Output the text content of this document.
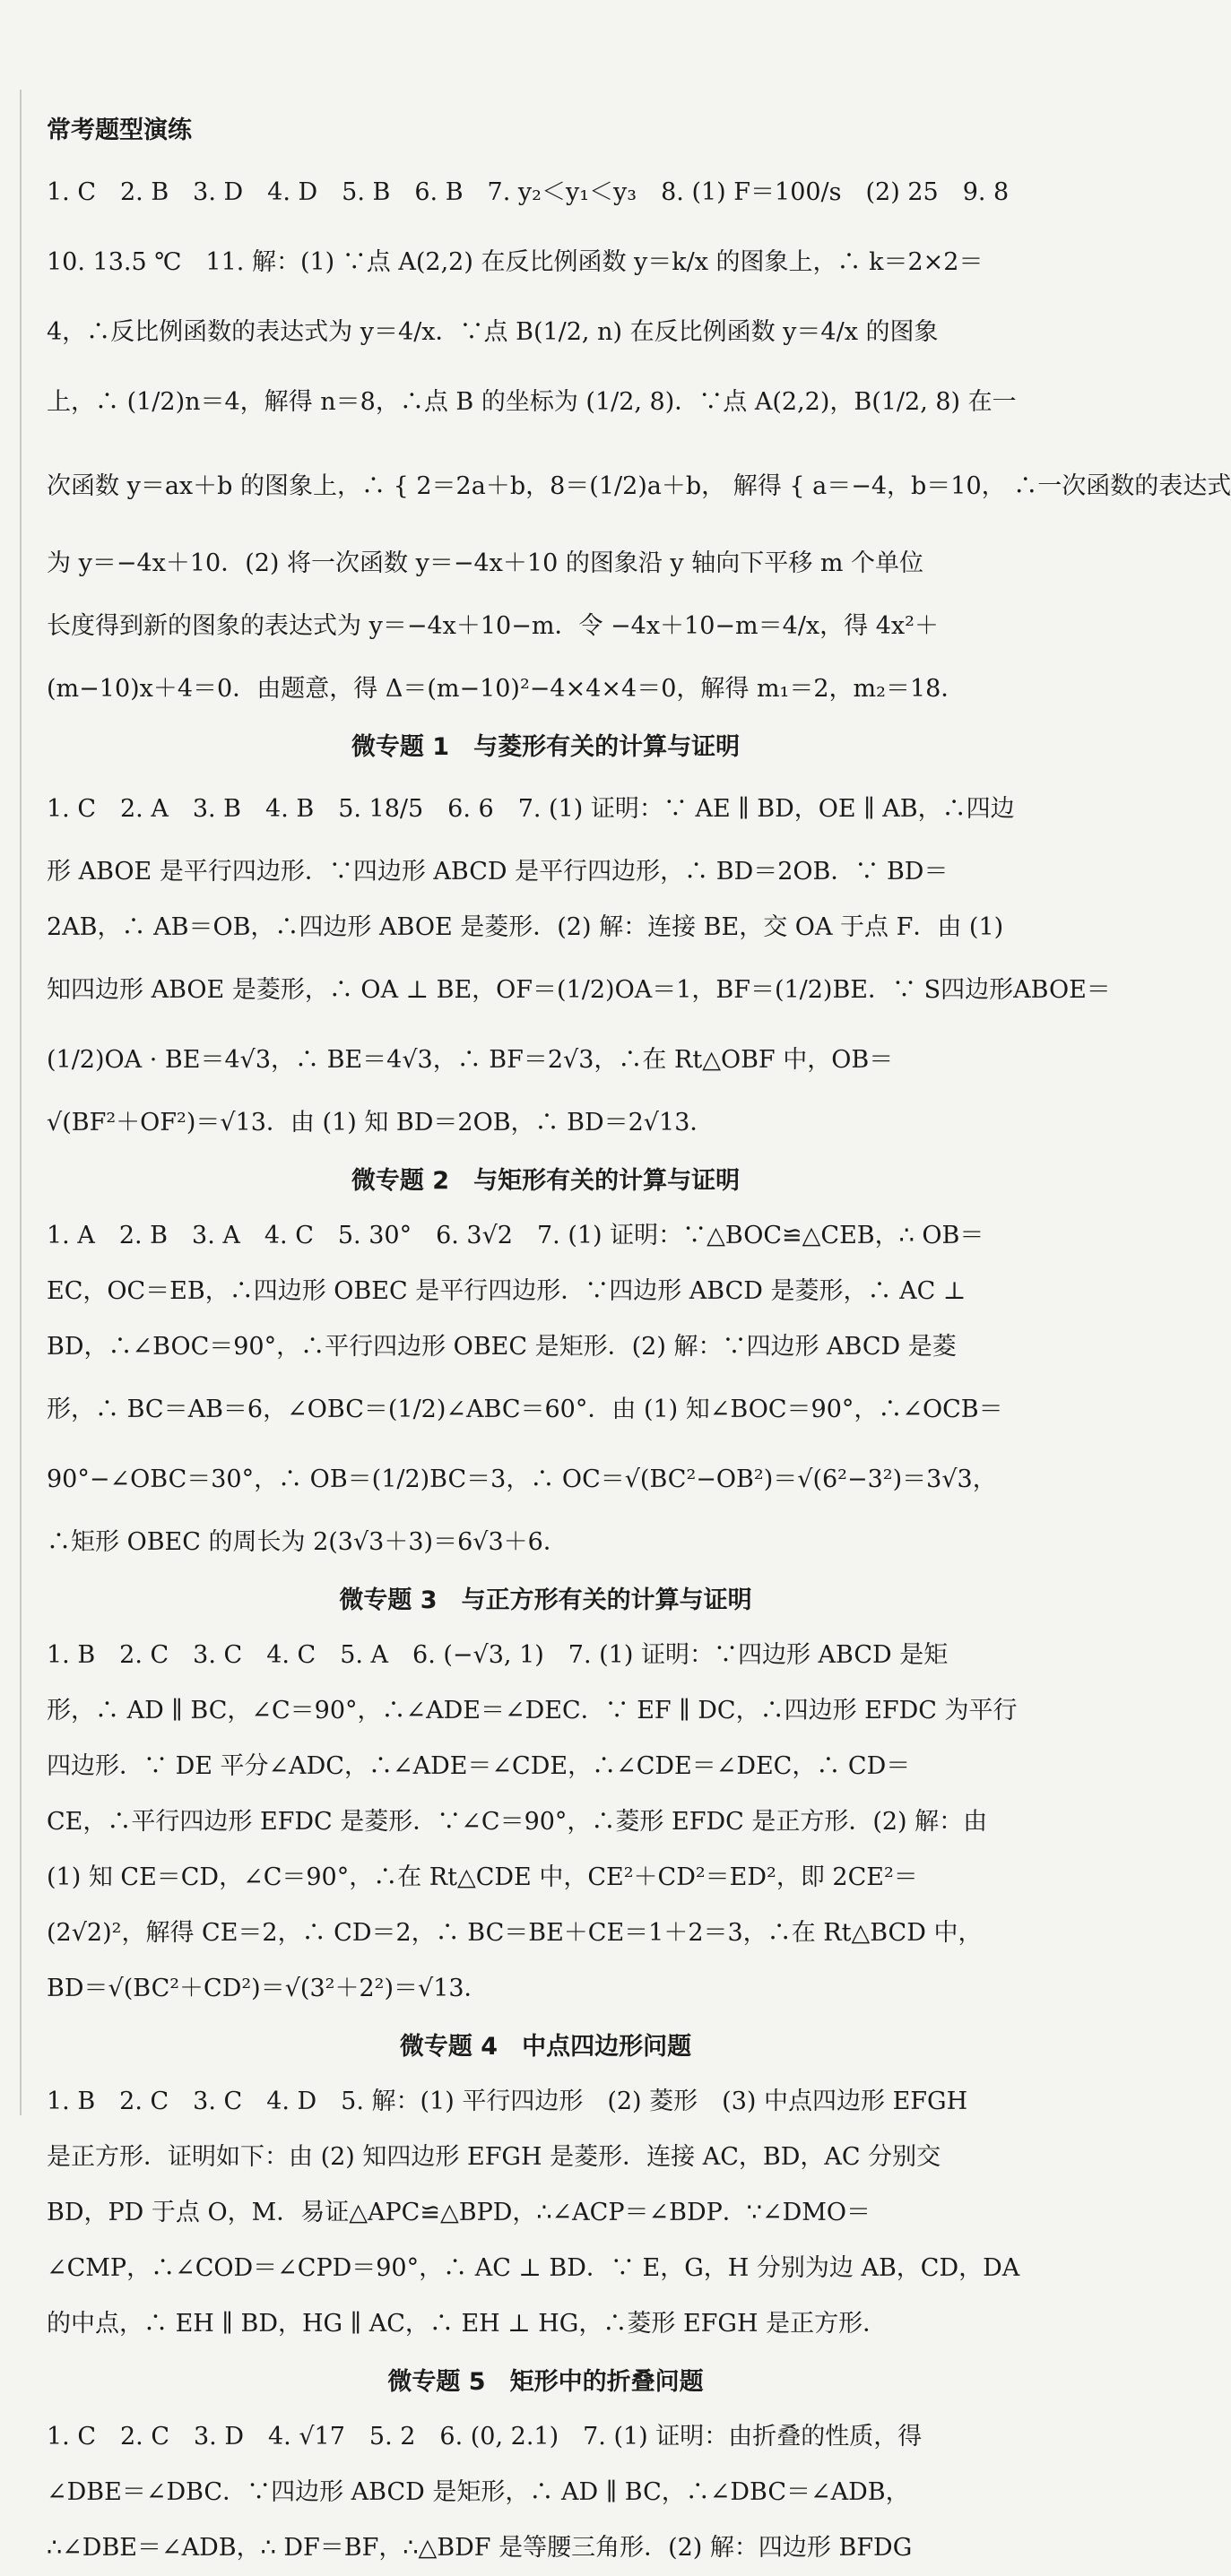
常考题型演练
1. C　2. B　3. D　4. D　5. B　6. B　7. y₂＜y₁＜y₃　8. (1) F＝100/s　(2) 25　9. 8
10. 13.5 ℃　11. 解：(1) ∵点 A(2,2) 在反比例函数 y＝k/x 的图象上，∴ k＝2×2＝
4，∴反比例函数的表达式为 y＝4/x．∵点 B(1/2, n) 在反比例函数 y＝4/x 的图象
上，∴ (1/2)n＝4，解得 n＝8，∴点 B 的坐标为 (1/2, 8)．∵点 A(2,2)，B(1/2, 8) 在一
次函数 y＝ax＋b 的图象上，∴ { 2＝2a＋b，8＝(1/2)a＋b， 解得 { a＝−4，b＝10， ∴一次函数的表达式
为 y＝−4x＋10．(2) 将一次函数 y＝−4x＋10 的图象沿 y 轴向下平移 m 个单位
长度得到新的图象的表达式为 y＝−4x＋10−m．令 −4x＋10−m＝4/x，得 4x²＋
(m−10)x＋4＝0．由题意，得 Δ＝(m−10)²−4×4×4＝0，解得 m₁＝2，m₂＝18．
微专题 1　与菱形有关的计算与证明
1. C　2. A　3. B　4. B　5. 18/5　6. 6　7. (1) 证明：∵ AE ∥ BD，OE ∥ AB，∴四边
形 ABOE 是平行四边形．∵四边形 ABCD 是平行四边形，∴ BD＝2OB．∵ BD＝
2AB，∴ AB＝OB，∴四边形 ABOE 是菱形．(2) 解：连接 BE，交 OA 于点 F．由 (1)
知四边形 ABOE 是菱形，∴ OA ⊥ BE，OF＝(1/2)OA＝1，BF＝(1/2)BE．∵ S四边形ABOE＝
(1/2)OA · BE＝4√3，∴ BE＝4√3，∴ BF＝2√3，∴在 Rt△OBF 中，OB＝
√(BF²＋OF²)＝√13．由 (1) 知 BD＝2OB，∴ BD＝2√13．
微专题 2　与矩形有关的计算与证明
1. A　2. B　3. A　4. C　5. 30°　6. 3√2　7. (1) 证明：∵△BOC≌△CEB，∴ OB＝
EC，OC＝EB，∴四边形 OBEC 是平行四边形．∵四边形 ABCD 是菱形，∴ AC ⊥
BD，∴∠BOC＝90°，∴平行四边形 OBEC 是矩形．(2) 解：∵四边形 ABCD 是菱
形，∴ BC＝AB＝6，∠OBC＝(1/2)∠ABC＝60°．由 (1) 知∠BOC＝90°，∴∠OCB＝
90°−∠OBC＝30°，∴ OB＝(1/2)BC＝3，∴ OC＝√(BC²−OB²)＝√(6²−3²)＝3√3，
∴矩形 OBEC 的周长为 2(3√3＋3)＝6√3＋6．
微专题 3　与正方形有关的计算与证明
1. B　2. C　3. C　4. C　5. A　6. (−√3, 1)　7. (1) 证明：∵四边形 ABCD 是矩
形，∴ AD ∥ BC，∠C＝90°，∴∠ADE＝∠DEC．∵ EF ∥ DC，∴四边形 EFDC 为平行
四边形．∵ DE 平分∠ADC，∴∠ADE＝∠CDE，∴∠CDE＝∠DEC，∴ CD＝
CE，∴平行四边形 EFDC 是菱形．∵∠C＝90°，∴菱形 EFDC 是正方形．(2) 解：由
(1) 知 CE＝CD，∠C＝90°，∴在 Rt△CDE 中，CE²＋CD²＝ED²，即 2CE²＝
(2√2)²，解得 CE＝2，∴ CD＝2，∴ BC＝BE＋CE＝1＋2＝3，∴在 Rt△BCD 中，
BD＝√(BC²＋CD²)＝√(3²＋2²)＝√13．
微专题 4　中点四边形问题
1. B　2. C　3. C　4. D　5. 解：(1) 平行四边形　(2) 菱形　(3) 中点四边形 EFGH
是正方形．证明如下：由 (2) 知四边形 EFGH 是菱形．连接 AC，BD，AC 分别交
BD，PD 于点 O，M．易证△APC≌△BPD，∴∠ACP＝∠BDP．∵∠DMO＝
∠CMP，∴∠COD＝∠CPD＝90°，∴ AC ⊥ BD．∵ E，G，H 分别为边 AB，CD，DA
的中点，∴ EH ∥ BD，HG ∥ AC，∴ EH ⊥ HG，∴菱形 EFGH 是正方形．
微专题 5　矩形中的折叠问题
1. C　2. C　3. D　4. √17　5. 2　6. (0, 2.1)　7. (1) 证明：由折叠的性质，得
∠DBE＝∠DBC．∵四边形 ABCD 是矩形，∴ AD ∥ BC，∴∠DBC＝∠ADB，
∴∠DBE＝∠ADB，∴ DF＝BF，∴△BDF 是等腰三角形．(2) 解：四边形 BFDG
